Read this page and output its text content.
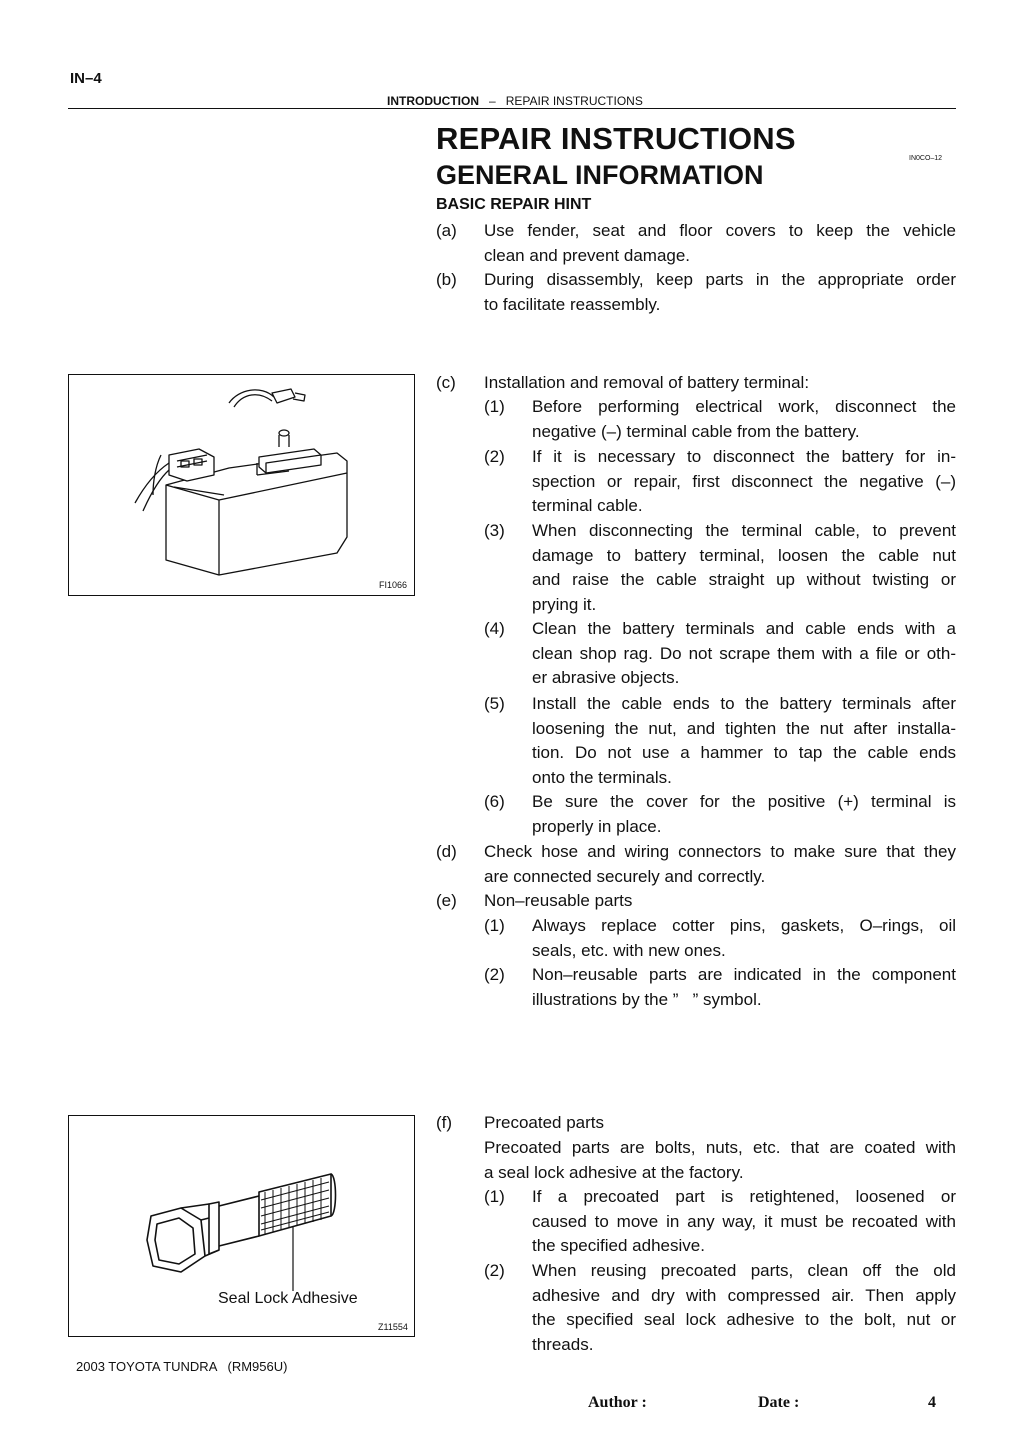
IN–4
INTRODUCTION – REPAIR INSTRUCTIONS
REPAIR INSTRUCTIONS
IN0CO–12
GENERAL INFORMATION
BASIC REPAIR HINT
(a) Use fender, seat and floor covers to keep the vehicle
clean and prevent damage.
(b) During disassembly, keep parts in the appropriate order
to facilitate reassembly.
FI1066
(c) Installation and removal of battery terminal:
(1) Before performing electrical work, disconnect the
negative (–) terminal cable from the battery.
(2) If it is necessary to disconnect the battery for in-
spection or repair, first disconnect the negative (–)
terminal cable.
(3) When disconnecting the terminal cable, to prevent
damage to battery terminal, loosen the cable nut
and raise the cable straight up without twisting or
prying it.
(4) Clean the battery terminals and cable ends with a
clean shop rag. Do not scrape them with a file or oth-
er abrasive objects.
(5) Install the cable ends to the battery terminals after
loosening the nut, and tighten the nut after installa-
tion. Do not use a hammer to tap the cable ends
onto the terminals.
(6) Be sure the cover for the positive (+) terminal is
properly in place.
(d) Check hose and wiring connectors to make sure that they
are connected securely and correctly.
(e) Non–reusable parts
(1) Always replace cotter pins, gaskets, O–rings, oil
seals, etc. with new ones.
(2) Non–reusable parts are indicated in the component
illustrations by the ”   ” symbol.
Seal Lock Adhesive
Z11554
(f) Precoated parts
Precoated parts are bolts, nuts, etc. that are coated with
a seal lock adhesive at the factory.
(1) If a precoated part is retightened, loosened or
caused to move in any way, it must be recoated with
the specified adhesive.
(2) When reusing precoated parts, clean off the old
adhesive and dry with compressed air. Then apply
the specified seal lock adhesive to the bolt, nut or
threads.
2003 TOYOTA TUNDRA   (RM956U)
Author :	Date :	4
